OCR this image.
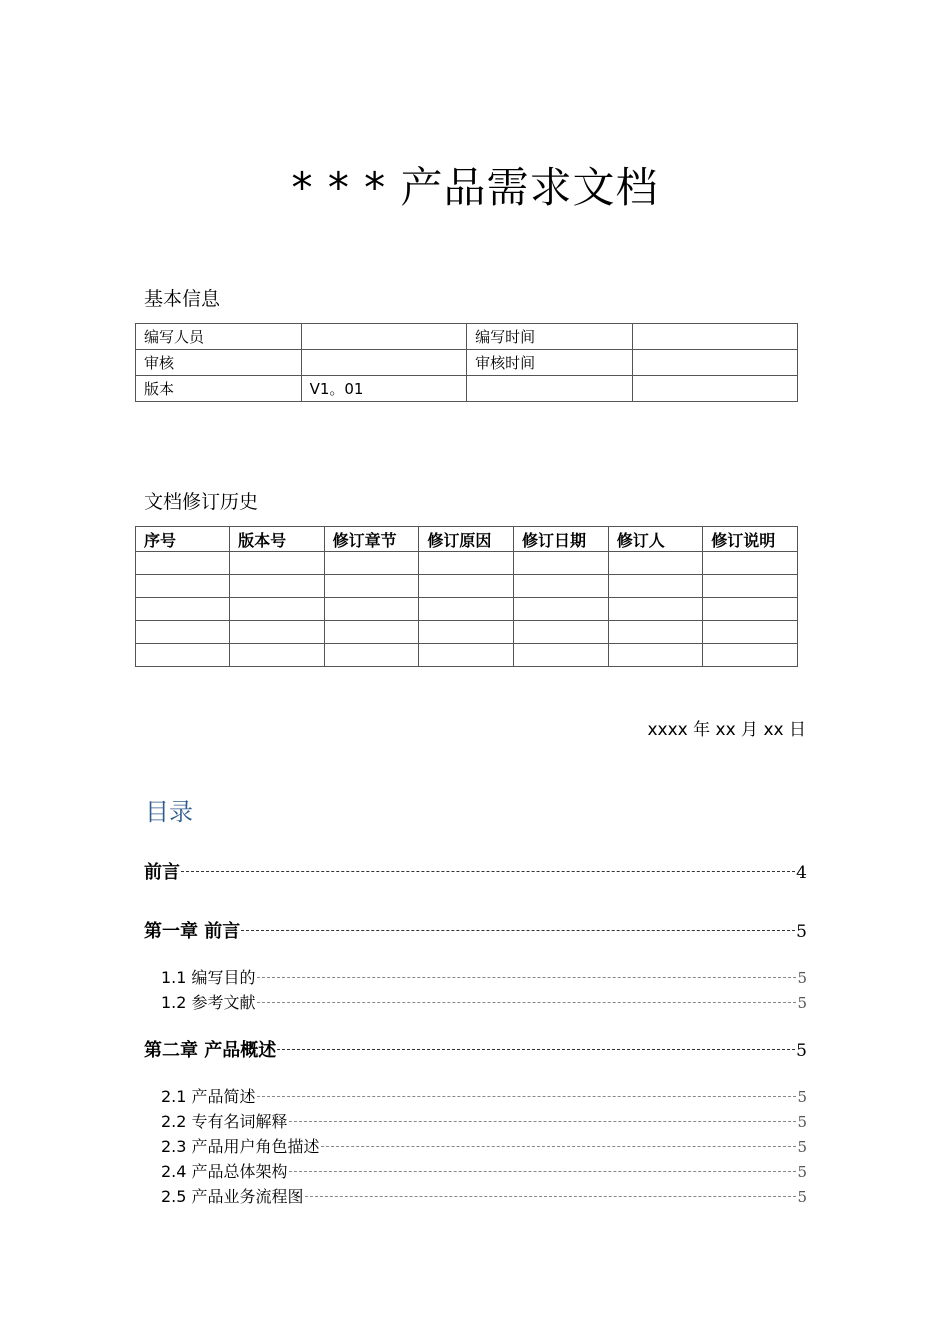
* * * 产品需求文档
基本信息
编写人员		编写时间	
审核		审核时间	
版本	V1。01		
文档修订历史
序号	版本号	修订章节	修订原因	修订日期	修订人	修订说明

xxxx 年 xx 月 xx 日
目录
前言	4
第一章 前言	5
1.1 编写目的	5
1.2 参考文献	5
第二章 产品概述	5
2.1 产品简述	5
2.2 专有名词解释	5
2.3 产品用户角色描述	5
2.4 产品总体架构	5
2.5 产品业务流程图	5
